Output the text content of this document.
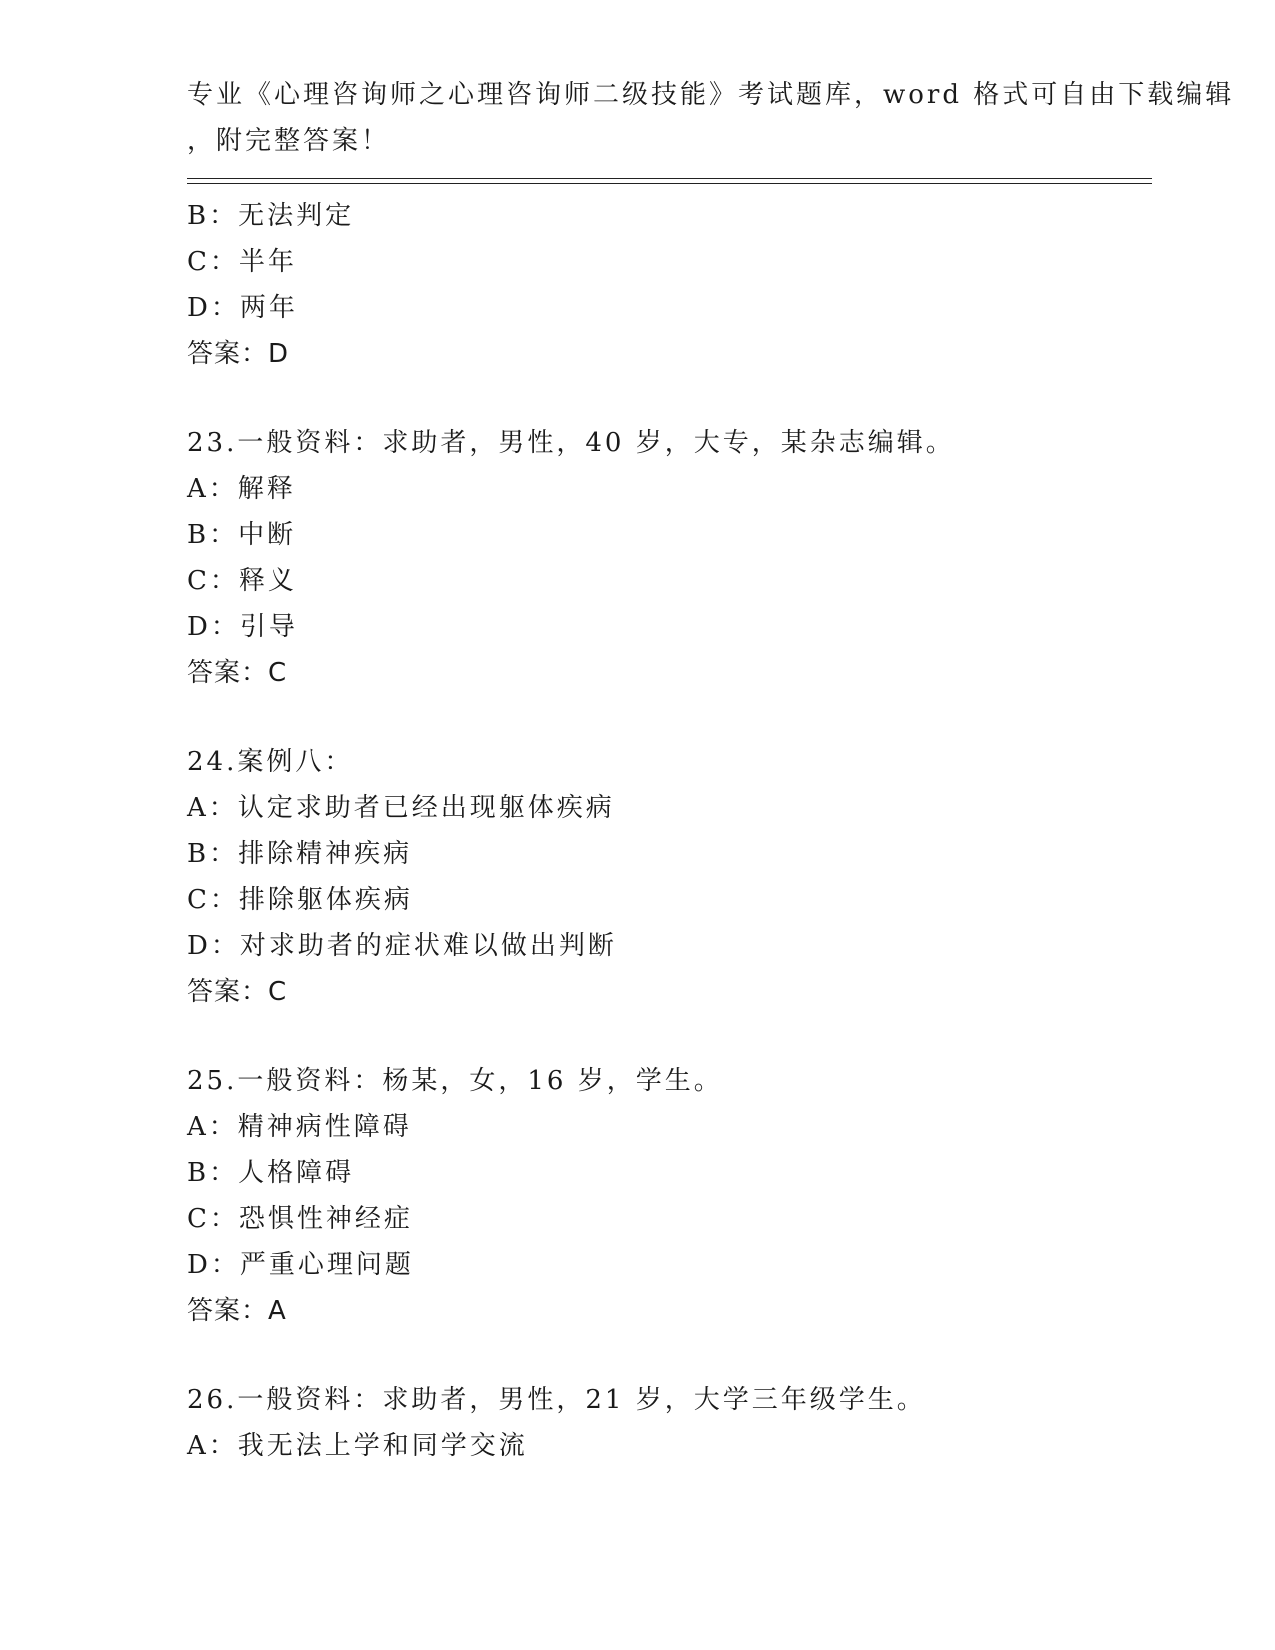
专业《心理咨询师之心理咨询师二级技能》考试题库，word 格式可自由下载编辑
，附完整答案！
B：无法判定
C：半年
D：两年
答案：D
23.一般资料：求助者，男性，40 岁，大专，某杂志编辑。
A：解释
B：中断
C：释义
D：引导
答案：C
24.案例八：
A：认定求助者已经出现躯体疾病
B：排除精神疾病
C：排除躯体疾病
D：对求助者的症状难以做出判断
答案：C
25.一般资料：杨某，女，16 岁，学生。
A：精神病性障碍
B：人格障碍
C：恐惧性神经症
D：严重心理问题
答案：A
26.一般资料：求助者，男性，21 岁，大学三年级学生。
A：我无法上学和同学交流
